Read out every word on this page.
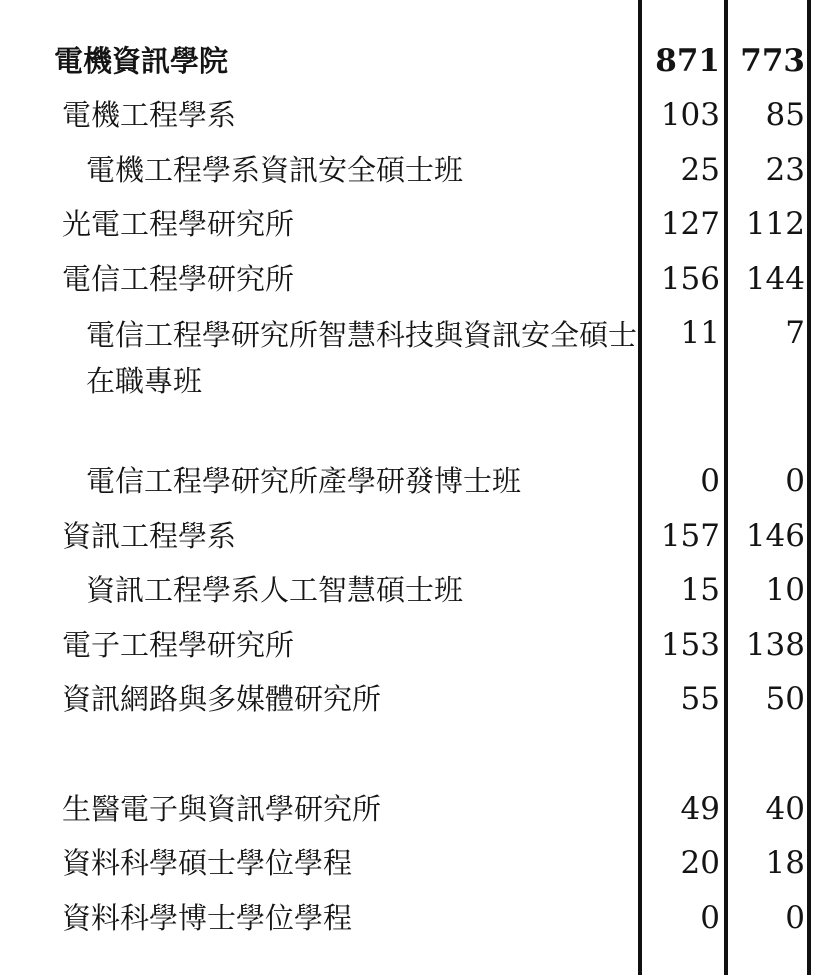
電機資訊學院	871 773
電機工程學系	103	85
電機工程學系資訊安全碩士班	25	23
光電工程學研究所	127 112
電信工程學研究所	156 144
電信工程學研究所智慧科技與資訊安全碩士在職專班
11	7
電信工程學研究所產學研發博士班	0	0
資訊工程學系	157 146
資訊工程學系人工智慧碩士班	15	10
電子工程學研究所	153 138
資訊網路與多媒體研究所	55	50
生醫電子與資訊學研究所	49	40
資料科學碩士學位學程	20	18
資料科學博士學位學程	0	0
